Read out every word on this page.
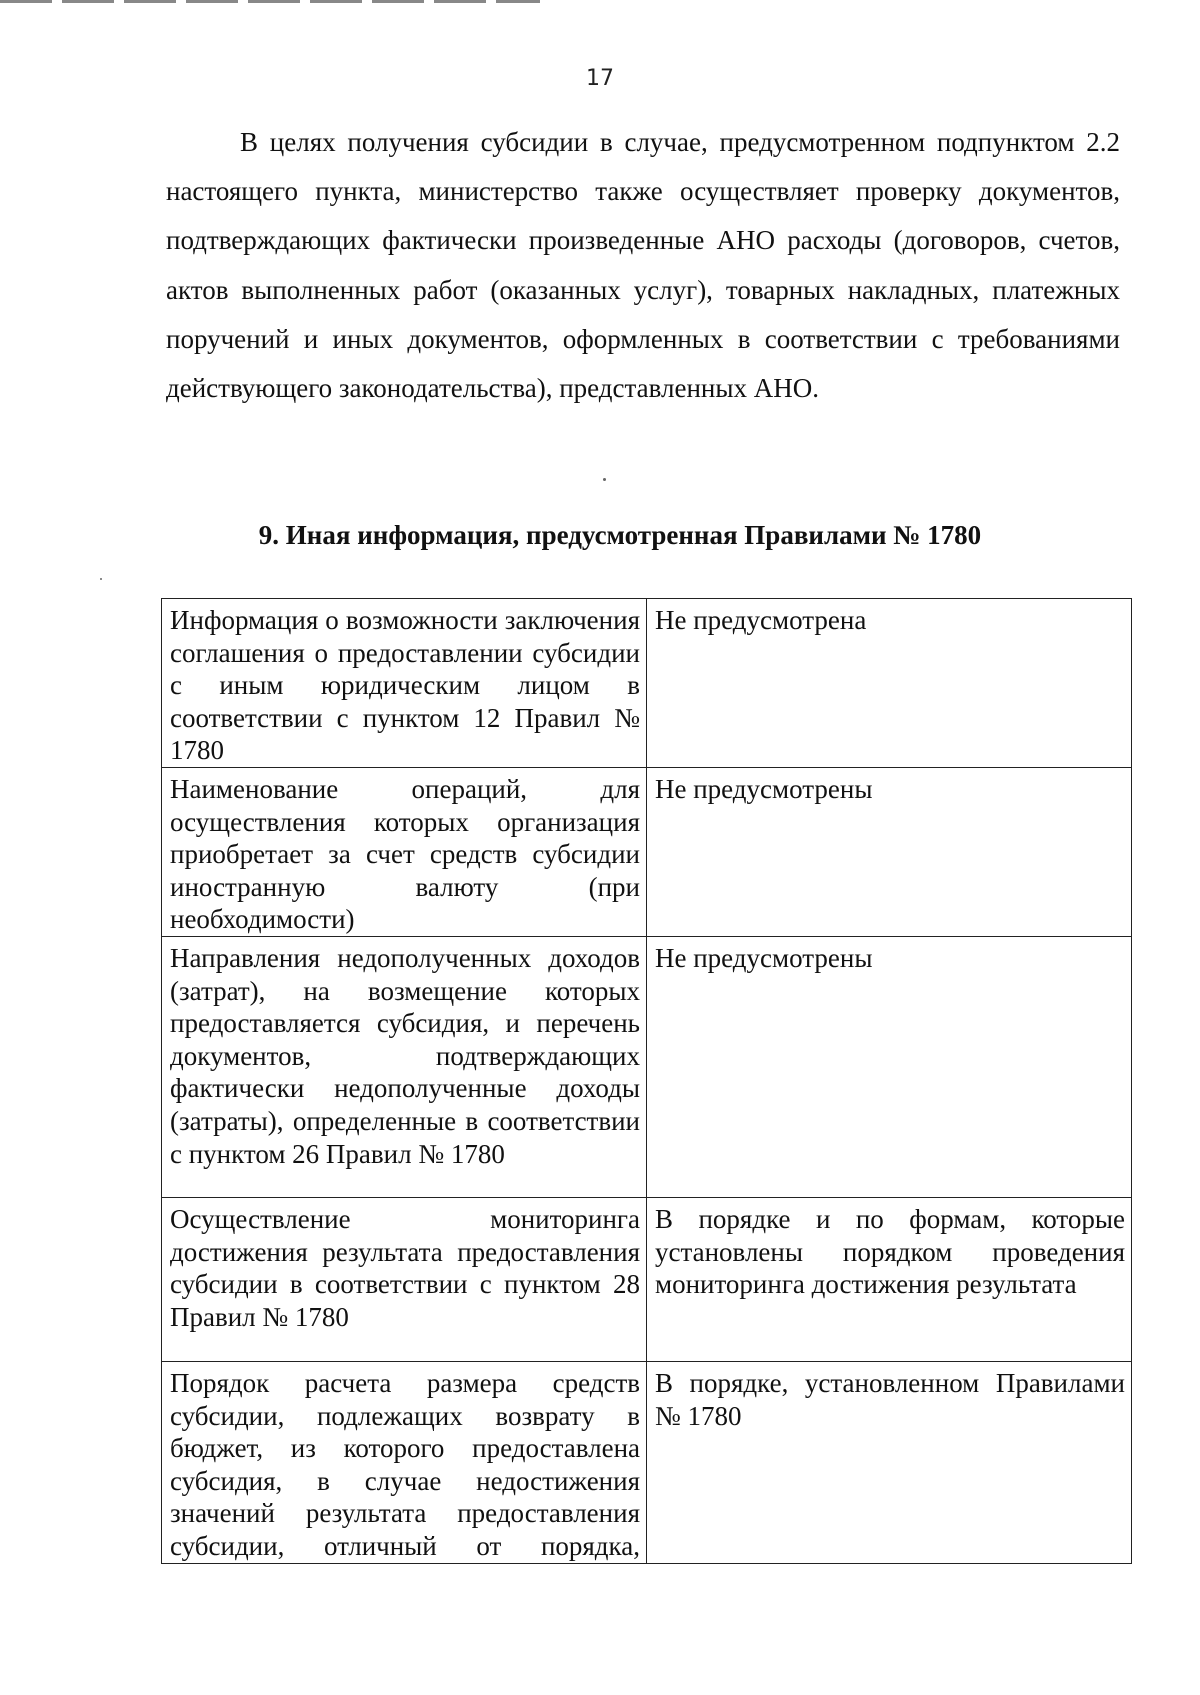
17

В целях получения субсидии в случае, предусмотренном подпунктом 2.2 настоящего пункта, министерство также осуществляет проверку документов, подтверждающих фактически произведенные АНО расходы (договоров, счетов, актов выполненных работ (оказанных услуг), товарных накладных, платежных поручений и иных документов, оформленных в соответствии с требованиями действующего законодательства), представленных АНО.

9. Иная информация, предусмотренная Правилами № 1780
Информация о возможности заключения соглашения о предоставлении субсидии с иным юридическим лицом в соответствии с пунктом 12 Правил № 1780	Не предусмотрена
Наименование операций, для осуществления которых организация приобретает за счет средств субсидии иностранную валюту (при необходимости)	Не предусмотрены
Направления недополученных доходов (затрат), на возмещение которых предоставляется субсидия, и перечень документов, подтверждающих фактически недополученные доходы (затраты), определенные в соответствии с пунктом 26 Правил № 1780	Не предусмотрены
Осуществление мониторинга достижения результата предоставления субсидии в соответствии с пунктом 28 Правил № 1780	В порядке и по формам, которые установлены порядком проведения мониторинга достижения результата
Порядок расчета размера средств субсидии, подлежащих возврату в бюджет, из которого предоставлена субсидия, в случае недостижения значений результата предоставления субсидии, отличный от порядка,	В порядке, установленном Правилами № 1780
